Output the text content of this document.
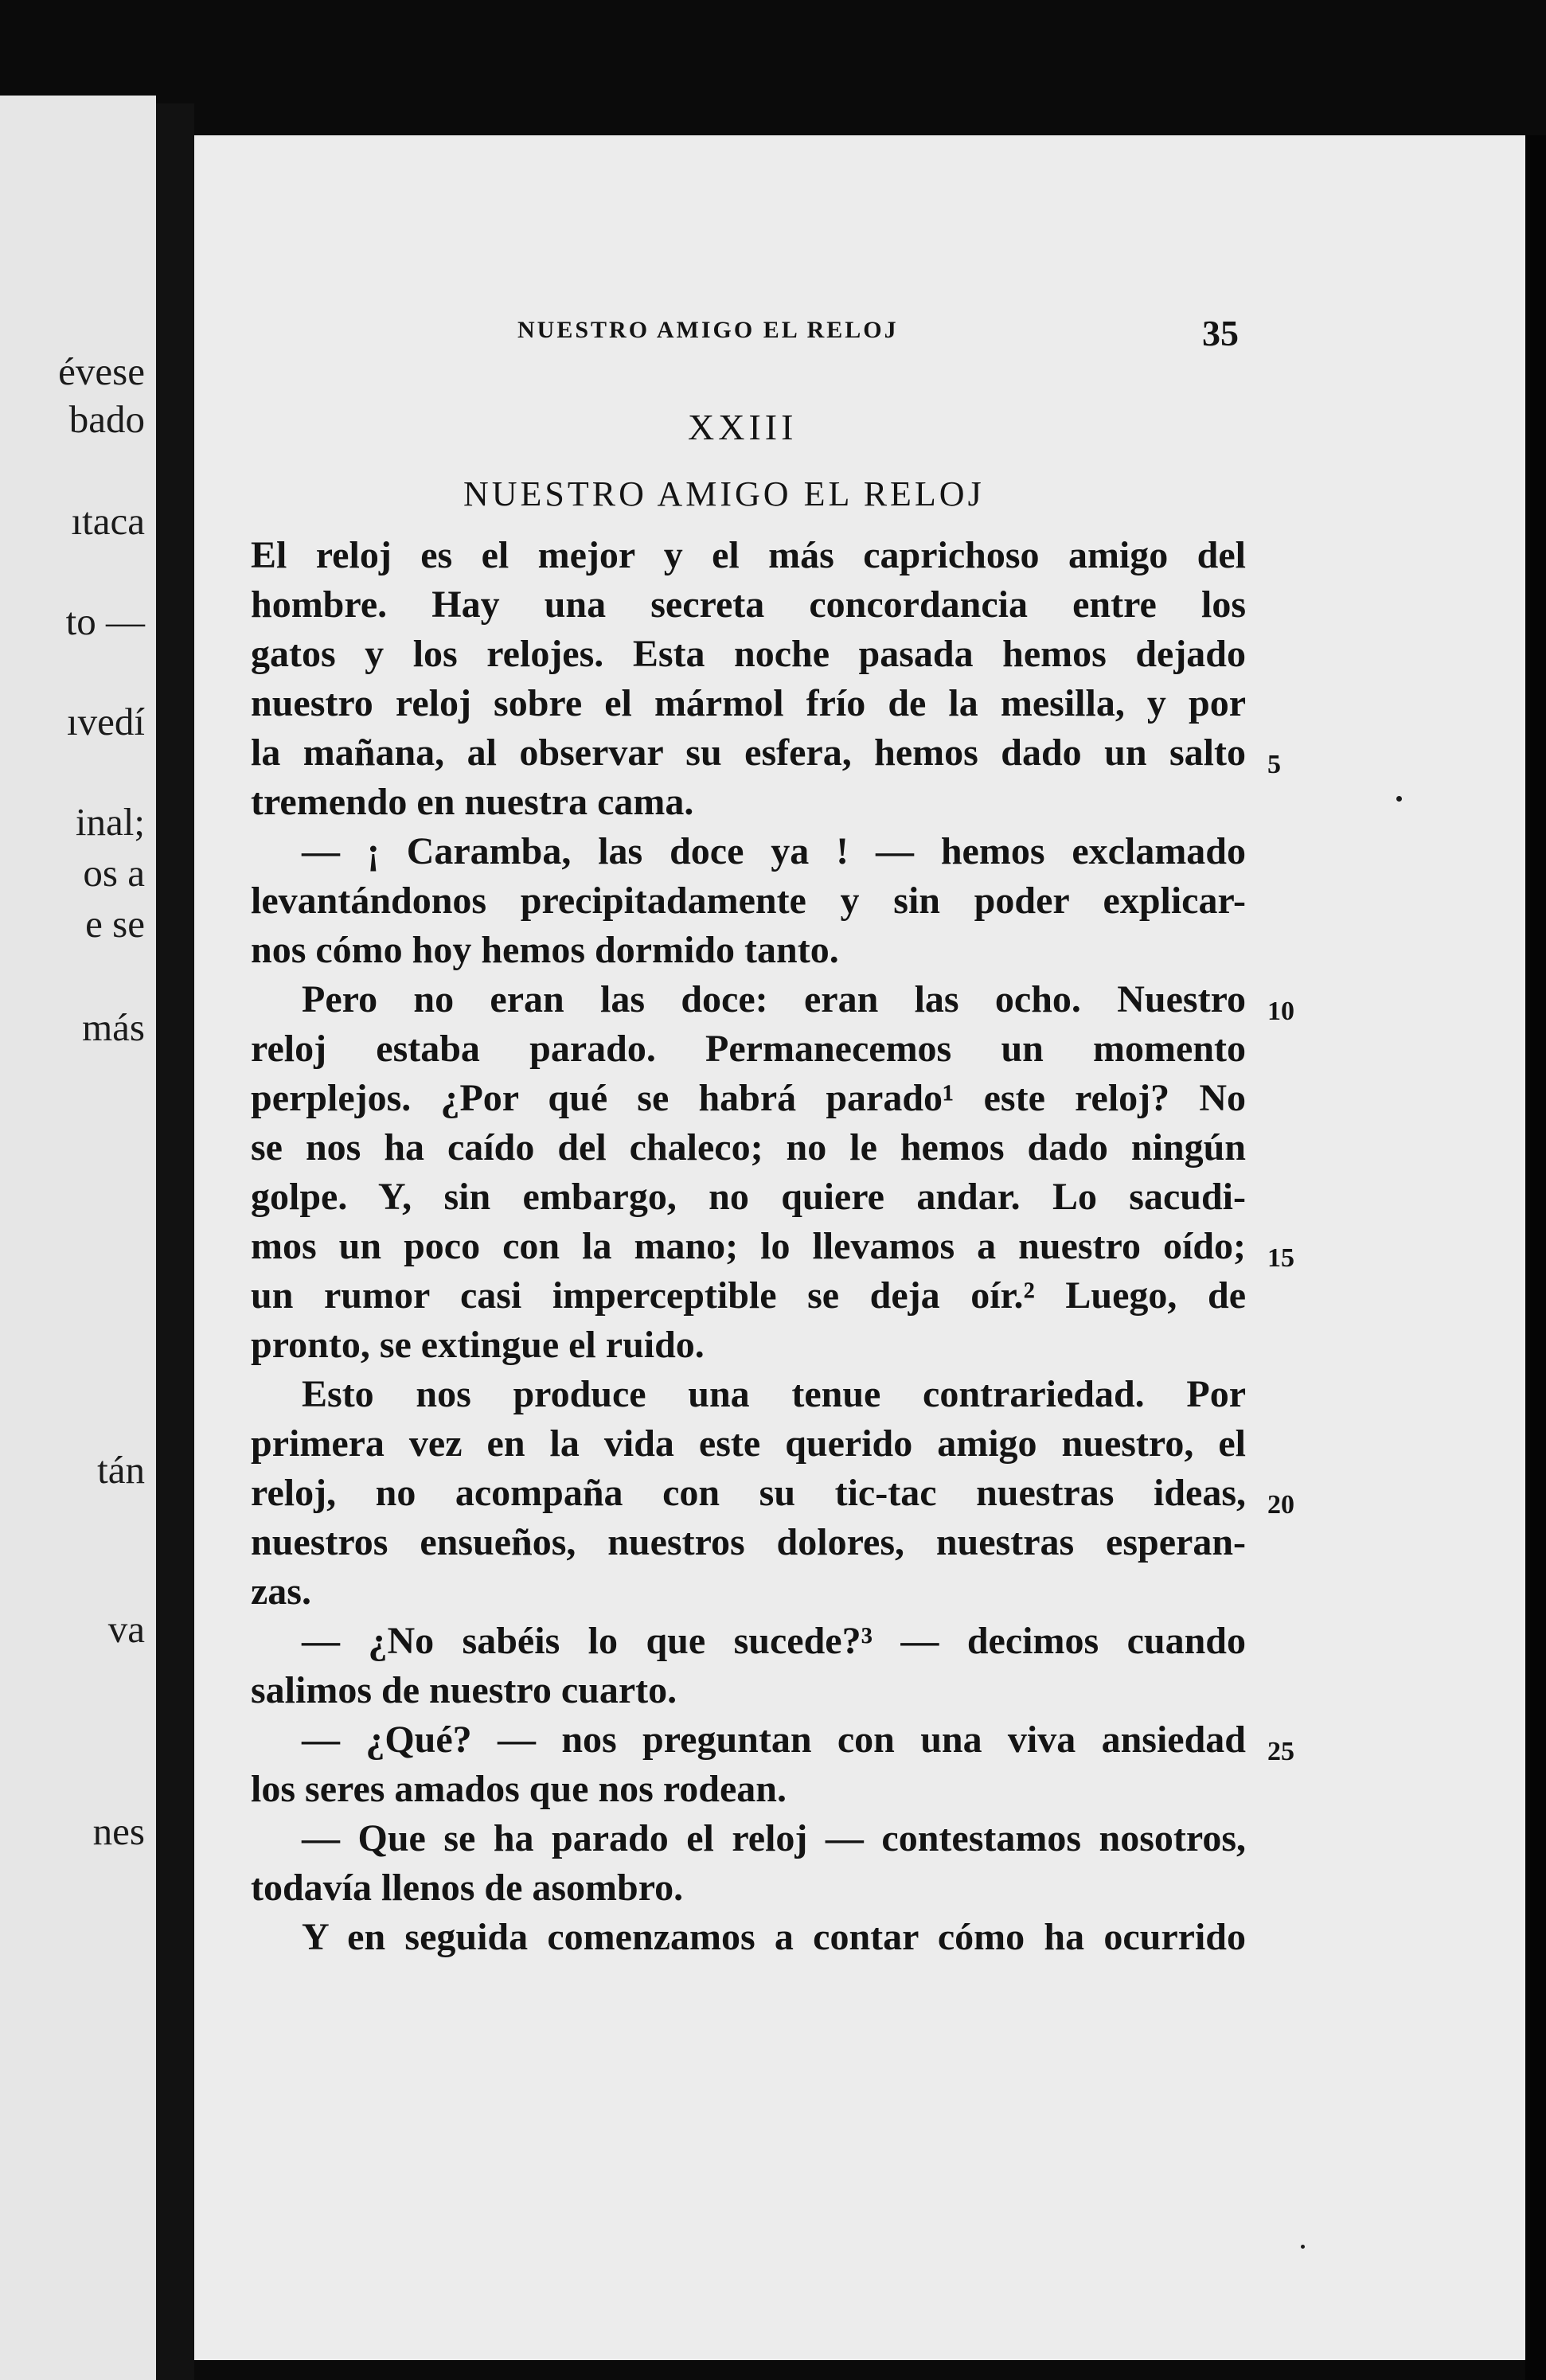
évese
bado
ıtaca
to —
ıvedí
inal;
os a
e se
más
tán
va
nes
NUESTRO AMIGO EL RELOJ	35
XXIII
NUESTRO AMIGO EL RELOJ
El reloj es el mejor y el más caprichoso amigo del
hombre. Hay una secreta concordancia entre los
gatos y los relojes. Esta noche pasada hemos dejado
nuestro reloj sobre el mármol frío de la mesilla, y por
la mañana, al observar su esfera, hemos dado un salto
tremendo en nuestra cama.
— ¡ Caramba, las doce ya ! — hemos exclamado
levantándonos precipitadamente y sin poder explicar-
nos cómo hoy hemos dormido tanto.
Pero no eran las doce: eran las ocho. Nuestro
reloj estaba parado. Permanecemos un momento
perplejos. ¿Por qué se habrá parado¹ este reloj? No
se nos ha caído del chaleco; no le hemos dado ningún
golpe. Y, sin embargo, no quiere andar. Lo sacudi-
mos un poco con la mano; lo llevamos a nuestro oído;
un rumor casi imperceptible se deja oír.² Luego, de
pronto, se extingue el ruido.
Esto nos produce una tenue contrariedad. Por
primera vez en la vida este querido amigo nuestro, el
reloj, no acompaña con su tic-tac nuestras ideas,
nuestros ensueños, nuestros dolores, nuestras esperan-
zas.
— ¿No sabéis lo que sucede?³ — decimos cuando
salimos de nuestro cuarto.
— ¿Qué? — nos preguntan con una viva ansiedad
los seres amados que nos rodean.
— Que se ha parado el reloj — contestamos nosotros,
todavía llenos de asombro.
Y en seguida comenzamos a contar cómo ha ocurrido
5
10
15
20
25
